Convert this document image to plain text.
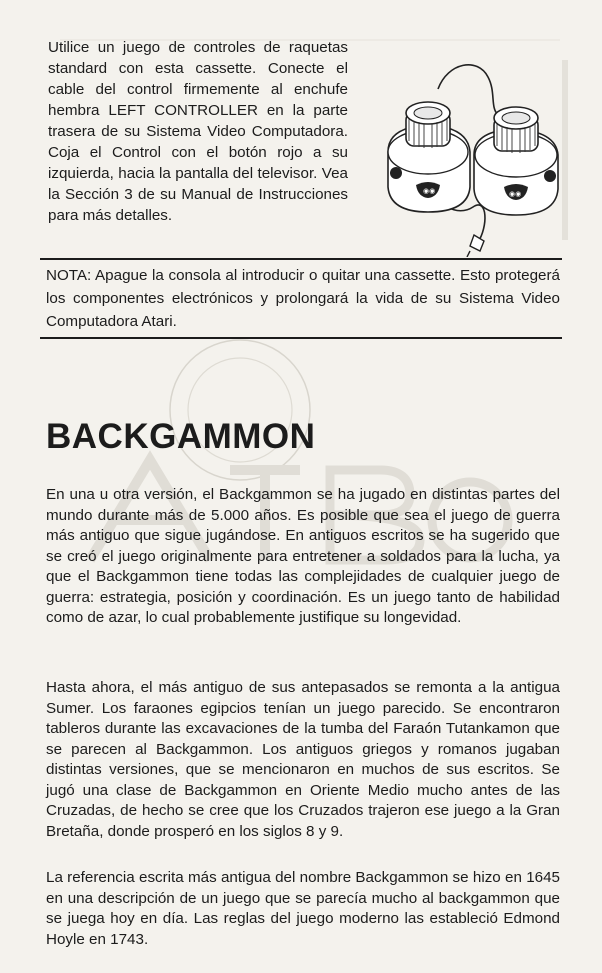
Utilice un juego de controles de raquetas standard con esta cassette. Conecte el cable del control firmemente al enchufe hembra LEFT CONTROLLER en la parte trasera de su Sistema Video Computadora. Coja el Control con el botón rojo a su izquierda, hacia la pantalla del televisor. Vea la Sección 3 de su Manual de Instrucciones para más detalles.

◉◉	◉◉

NOTA: Apague la consola al introducir o quitar una cassette. Esto protegerá los componentes electrónicos y prolongará la vida de su Sistema Video Computadora Atari.

BACKGAMMON

En una u otra versión, el Backgammon se ha jugado en distintas partes del mundo durante más de 5.000 años. Es posible que sea el juego de guerra más antiguo que sigue jugándose. En antiguos escritos se ha sugerido que se creó el juego originalmente para entretener a soldados para la lucha, ya que el Backgammon tiene todas las complejidades de cualquier juego de guerra: estrategia, posición y coordinación. Es un juego tanto de habilidad como de azar, lo cual probablemente justifique su longevidad.

Hasta ahora, el más antiguo de sus antepasados se remonta a la antigua Sumer. Los faraones egipcios tenían un juego parecido. Se encontraron tableros durante las excavaciones de la tumba del Faraón Tutankamon que se parecen al Backgammon. Los antiguos griegos y romanos jugaban distintas versiones, que se mencionaron en muchos de sus escritos. Se jugó una clase de Backgammon en Oriente Medio mucho antes de las Cruzadas, de hecho se cree que los Cruzados trajeron ese juego a la Gran Bretaña, donde prosperó en los siglos 8 y 9.

La referencia escrita más antigua del nombre Backgammon se hizo en 1645 en una descripción de un juego que se parecía mucho al backgammon que se juega hoy en día. Las reglas del juego moderno las estableció Edmond Hoyle en 1743.
